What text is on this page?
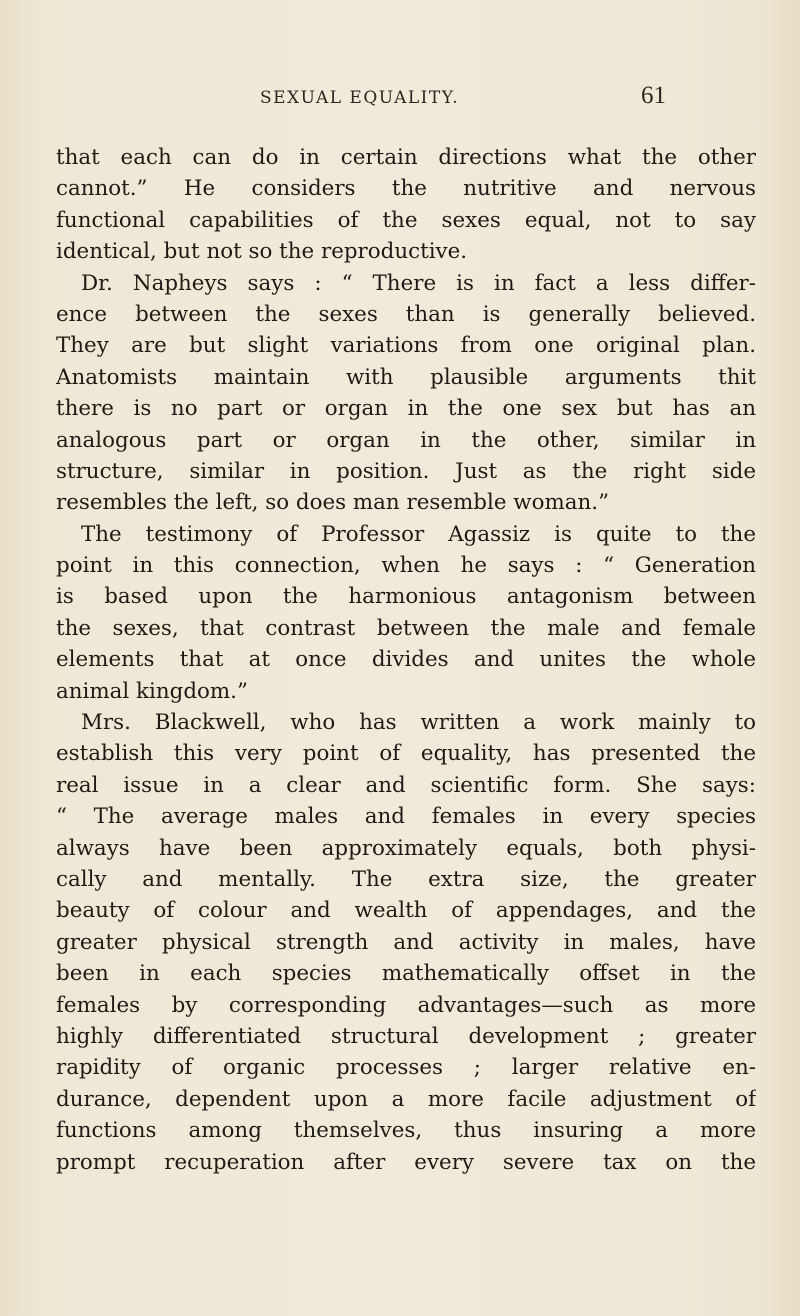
SEXUAL EQUALITY.	61
that each can do in certain directions what the other
cannot.” He considers the nutritive and nervous
functional capabilities of the sexes equal, not to say
identical, but not so the reproductive.
Dr. Napheys says : “ There is in fact a less differ-
ence between the sexes than is generally believed.
They are but slight variations from one original plan.
Anatomists maintain with plausible arguments thit
there is no part or organ in the one sex but has an
analogous part or organ in the other, similar in
structure, similar in position. Just as the right side
resembles the left, so does man resemble woman.”
The testimony of Professor Agassiz is quite to the
point in this connection, when he says : “ Generation
is based upon the harmonious antagonism between
the sexes, that contrast between the male and female
elements that at once divides and unites the whole
animal kingdom.”
Mrs. Blackwell, who has written a work mainly to
establish this very point of equality, has presented the
real issue in a clear and scientific form. She says:
“ The average males and females in every species
always have been approximately equals, both physi-
cally and mentally. The extra size, the greater
beauty of colour and wealth of appendages, and the
greater physical strength and activity in males, have
been in each species mathematically offset in the
females by corresponding advantages—such as more
highly differentiated structural development ; greater
rapidity of organic processes ; larger relative en-
durance, dependent upon a more facile adjustment of
functions among themselves, thus insuring a more
prompt recuperation after every severe tax on the
